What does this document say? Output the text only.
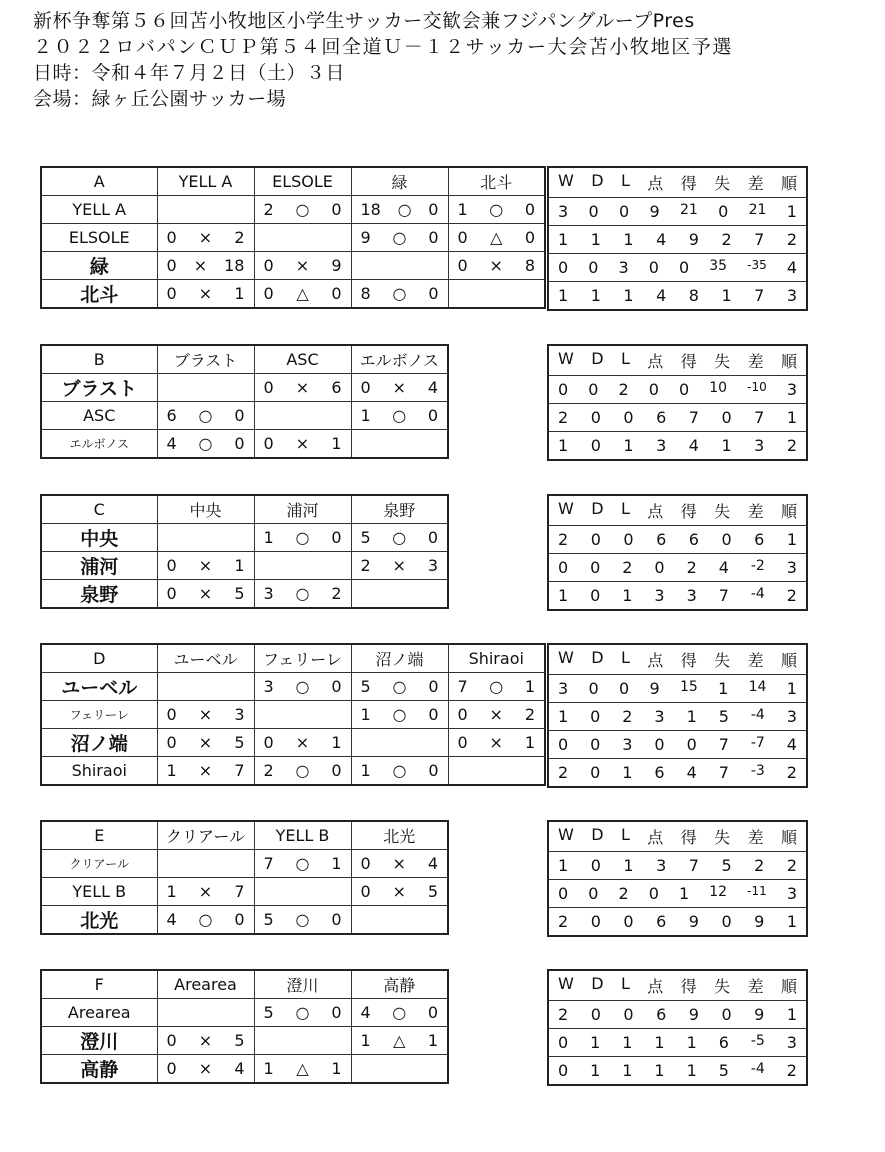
新杯争奪第５６回苫小牧地区小学生サッカー交歓会兼フジパングループPres
２０２２ロバパンＣＵＰ第５４回全道Ｕ－１２サッカー大会苫小牧地区予選
日時：令和４年７月２日（土）３日
会場：緑ヶ丘公園サッカー場
A	YELL A	ELSOLE	緑	北斗
YELL A		2 ○ 0	18 ○ 0	1 ○ 0

ELSOLE	0 × 2		9 ○ 0	0 △ 0

緑	0 × 18	0 × 9		0 × 8

北斗	0 × 1	0 △ 0	8 ○ 0	

W D L 点 得 失 差 順

3 0 0 9 21 0 21 1

1 1 1 4 9 2 7 2

0 0 3 0 0 35 -35 4

1 1 1 4 8 1 7 3
B	ブラスト	ASC	エルボノス
ブラスト		0 × 6	0 × 4

ASC	6 ○ 0		1 ○ 0

エルボノス	4 ○ 0	0 × 1	

W D L 点 得 失 差 順

0 0 2 0 0 10 -10 3

2 0 0 6 7 0 7 1

1 0 1 3 4 1 3 2
C	中央	浦河	泉野
中央		1 ○ 0	5 ○ 0

浦河	0 × 1		2 × 3

泉野	0 × 5	3 ○ 2	

W D L 点 得 失 差 順

2 0 0 6 6 0 6 1

0 0 2 0 2 4 -2 3

1 0 1 3 3 7 -4 2
D	ユーベル	フェリーレ	沼ノ端	Shiraoi
ユーベル		3 ○ 0	5 ○ 0	7 ○ 1

フェリーレ	0 × 3		1 ○ 0	0 × 2

沼ノ端	0 × 5	0 × 1		0 × 1

Shiraoi	1 × 7	2 ○ 0	1 ○ 0	

W D L 点 得 失 差 順

3 0 0 9 15 1 14 1

1 0 2 3 1 5 -4 3

0 0 3 0 0 7 -7 4

2 0 1 6 4 7 -3 2
E	クリアール	YELL B	北光
クリアール		7 ○ 1	0 × 4

YELL B	1 × 7		0 × 5

北光	4 ○ 0	5 ○ 0	

W D L 点 得 失 差 順

1 0 1 3 7 5 2 2

0 0 2 0 1 12 -11 3

2 0 0 6 9 0 9 1
F	Arearea	澄川	高静
Arearea		5 ○ 0	4 ○ 0

澄川	0 × 5		1 △ 1

高静	0 × 4	1 △ 1	

W D L 点 得 失 差 順

2 0 0 6 9 0 9 1

0 1 1 1 1 6 -5 3

0 1 1 1 1 5 -4 2
